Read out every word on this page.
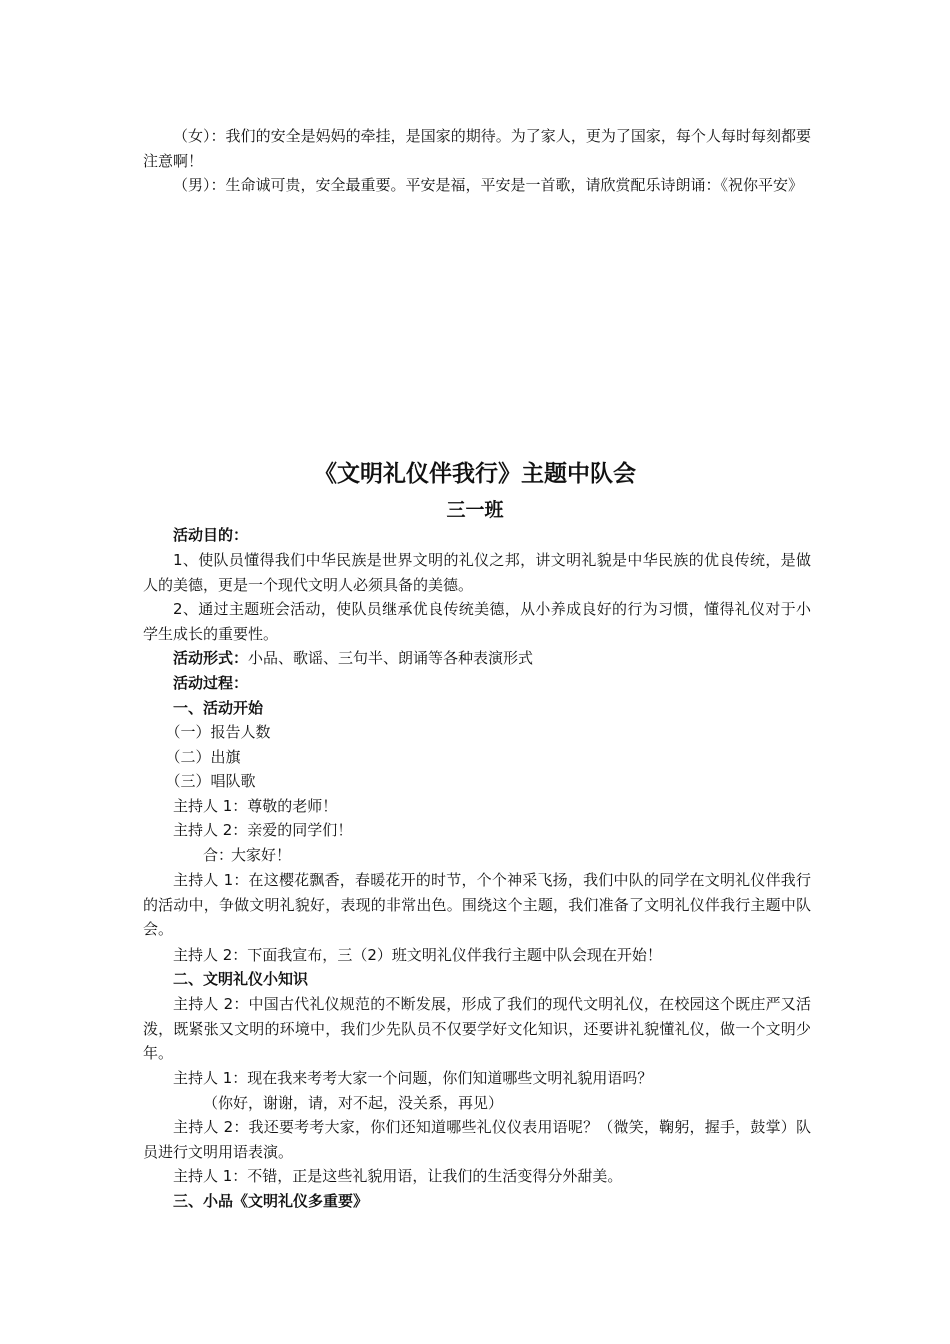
（女）：我们的安全是妈妈的牵挂，是国家的期待。为了家人，更为了国家，每个人每时每刻都要注意啊！

（男）：生命诚可贵，安全最重要。平安是福，平安是一首歌，请欣赏配乐诗朗诵：《祝你平安》

《文明礼仪伴我行》主题中队会
三一班

活动目的：

1、使队员懂得我们中华民族是世界文明的礼仪之邦，讲文明礼貌是中华民族的优良传统，是做人的美德，更是一个现代文明人必须具备的美德。

2、通过主题班会活动，使队员继承优良传统美德，从小养成良好的行为习惯，懂得礼仪对于小学生成长的重要性。

活动形式：小品、歌谣、三句半、朗诵等各种表演形式

活动过程：

一、活动开始

（一）报告人数

（二）出旗

（三）唱队歌

主持人 1：尊敬的老师！

主持人 2：亲爱的同学们！

合：大家好！

主持人 1：在这樱花飘香，春暖花开的时节，个个神采飞扬，我们中队的同学在文明礼仪伴我行的活动中，争做文明礼貌好，表现的非常出色。围绕这个主题，我们准备了文明礼仪伴我行主题中队会。

主持人 2：下面我宣布，三（2）班文明礼仪伴我行主题中队会现在开始！

二、文明礼仪小知识

主持人 2：中国古代礼仪规范的不断发展，形成了我们的现代文明礼仪，在校园这个既庄严又活泼，既紧张又文明的环境中，我们少先队员不仅要学好文化知识，还要讲礼貌懂礼仪，做一个文明少年。

主持人 1：现在我来考考大家一个问题，你们知道哪些文明礼貌用语吗？

（你好，谢谢，请，对不起，没关系，再见）

主持人 2：我还要考考大家，你们还知道哪些礼仪仪表用语呢？（微笑，鞠躬，握手，鼓掌）队员进行文明用语表演。

主持人 1：不错，正是这些礼貌用语，让我们的生活变得分外甜美。

三、小品《文明礼仪多重要》
